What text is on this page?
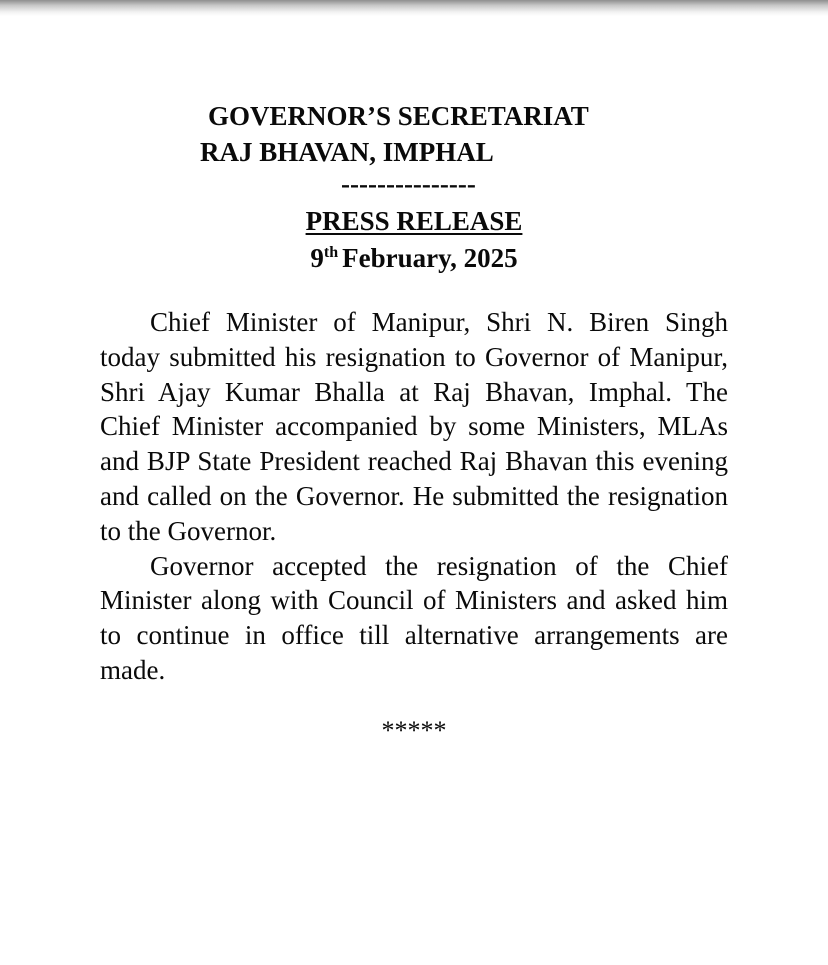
GOVERNOR’S SECRETARIAT
RAJ BHAVAN, IMPHAL
---------------
PRESS RELEASE
9th February, 2025

Chief Minister of Manipur, Shri N. Biren Singh today submitted his resignation to Governor of Manipur, Shri Ajay Kumar Bhalla at Raj Bhavan, Imphal. The Chief Minister accompanied by some Ministers, MLAs and BJP State President reached Raj Bhavan this evening and called on the Governor. He submitted the resignation to the Governor.

Governor accepted the resignation of the Chief Minister along with Council of Ministers and asked him to continue in office till alternative arrangements are made.

*****
